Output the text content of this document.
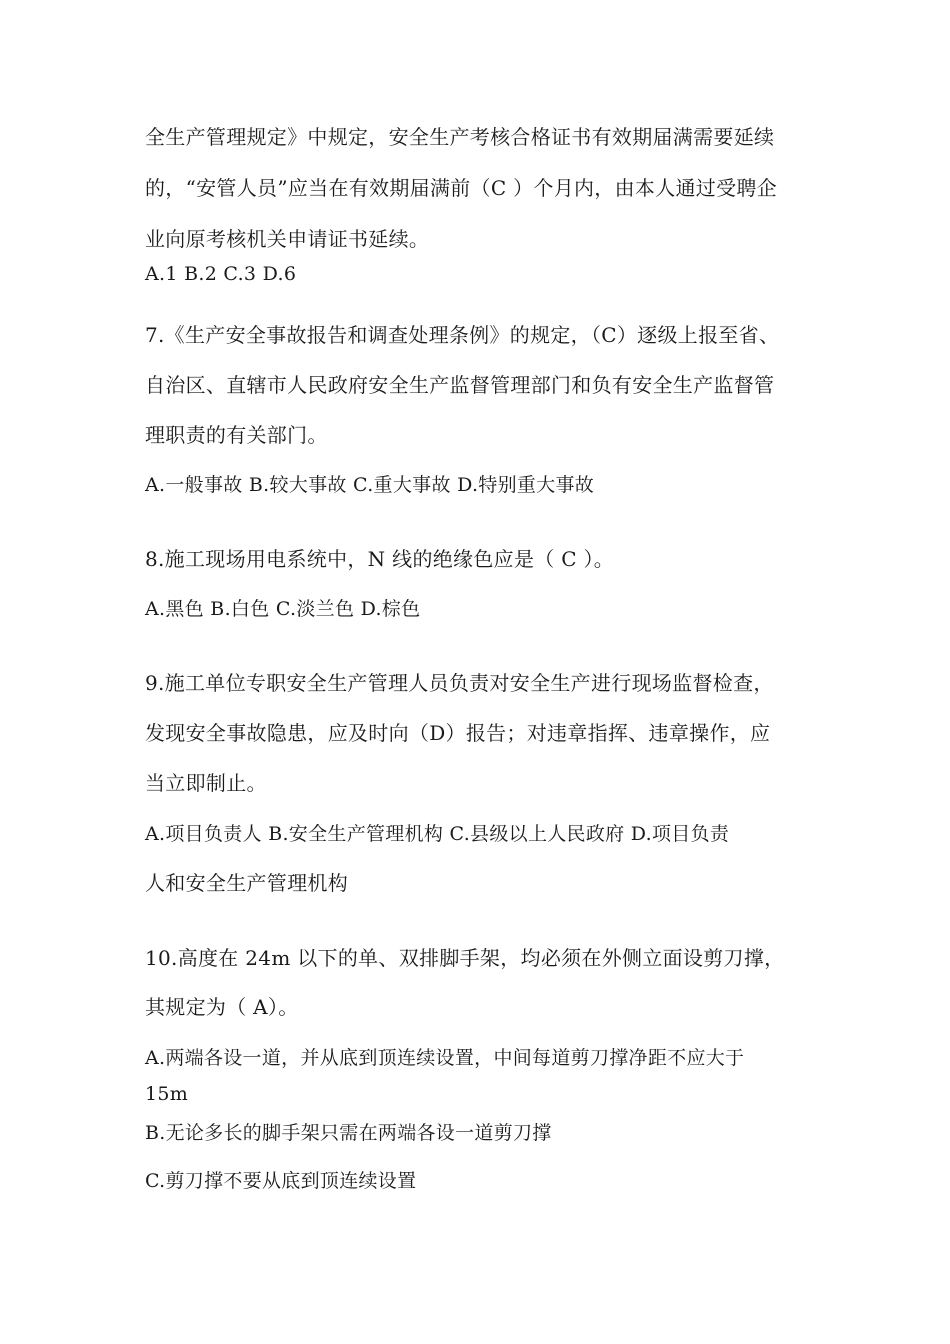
全生产管理规定》中规定，安全生产考核合格证书有效期届满需要延续
的，“安管人员”应当在有效期届满前（C ）个月内，由本人通过受聘企
业向原考核机关申请证书延续。
A.1 B.2 C.3 D.6
7.《生产安全事故报告和调查处理条例》的规定，（C）逐级上报至省、
自治区、直辖市人民政府安全生产监督管理部门和负有安全生产监督管
理职责的有关部门。
A.一般事故 B.较大事故 C.重大事故 D.特别重大事故
8.施工现场用电系统中，N 线的绝缘色应是（ C ）。
A.黑色 B.白色 C.淡兰色 D.棕色
9.施工单位专职安全生产管理人员负责对安全生产进行现场监督检查，
发现安全事故隐患，应及时向（D）报告；对违章指挥、违章操作，应
当立即制止。
A.项目负责人 B.安全生产管理机构 C.县级以上人民政府 D.项目负责
人和安全生产管理机构
10.高度在 24m 以下的单、双排脚手架，均必须在外侧立面设剪刀撑，
其规定为（ A）。
A.两端各设一道，并从底到顶连续设置，中间每道剪刀撑净距不应大于
15m
B.无论多长的脚手架只需在两端各设一道剪刀撑
C.剪刀撑不要从底到顶连续设置
